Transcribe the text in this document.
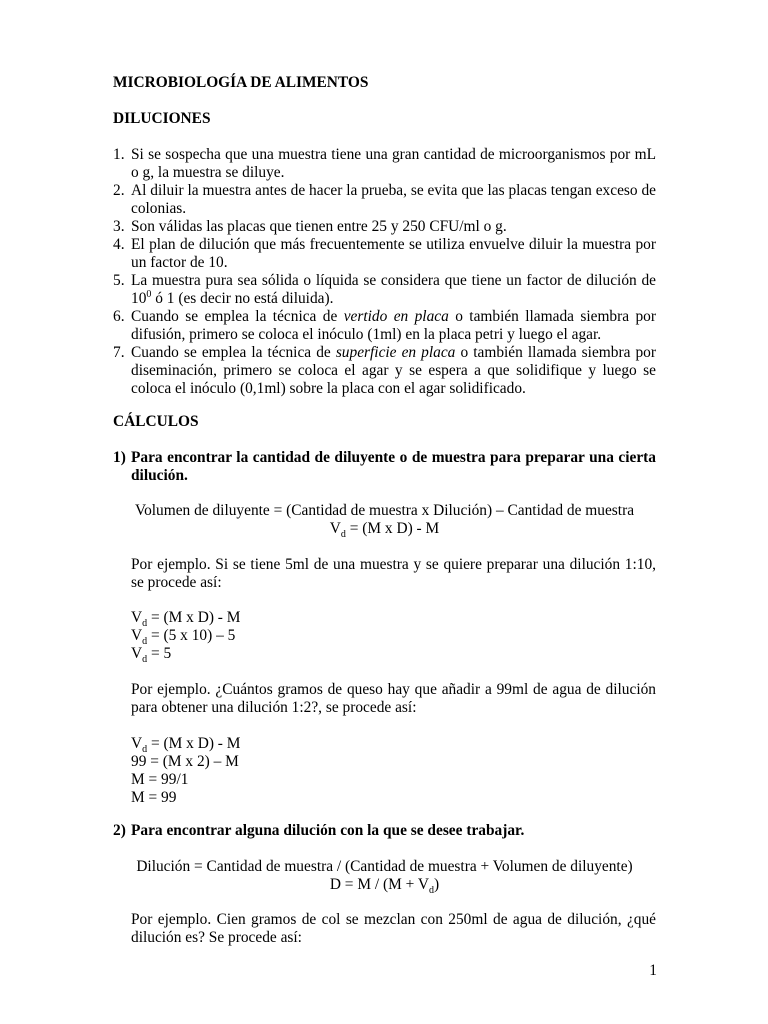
MICROBIOLOGÍA DE ALIMENTOS

DILUCIONES

1. Si se sospecha que una muestra tiene una gran cantidad de microorganismos por mL o g, la muestra se diluye.
2. Al diluir la muestra antes de hacer la prueba, se evita que las placas tengan exceso de colonias.
3. Son válidas las placas que tienen entre 25 y 250 CFU/ml o g.
4. El plan de dilución que más frecuentemente se utiliza envuelve diluir la muestra por un factor de 10.
5. La muestra pura sea sólida o líquida se considera que tiene un factor de dilución de $10^0$ ó 1 (es decir no está diluida).
6. Cuando se emplea la técnica de vertido en placa o también llamada siembra por difusión, primero se coloca el inóculo (1ml) en la placa petri y luego el agar.
7. Cuando se emplea la técnica de superficie en placa o también llamada siembra por diseminación, primero se coloca el agar y se espera a que solidifique y luego se coloca el inóculo (0,1ml) sobre la placa con el agar solidificado.

CÁLCULOS

1) Para encontrar la cantidad de diluyente o de muestra para preparar una cierta dilución.

Volumen de diluyente = (Cantidad de muestra x Dilución) – Cantidad de muestra

$V_d = (M$ x D) - M

Por ejemplo. Si se tiene 5ml de una muestra y se quiere preparar una dilución 1:10, se procede así:

$V_d = (M$ x D) - M

$V_d = (5$ x 10) – 5

$V_d = 5$

Por ejemplo. ¿Cuántos gramos de queso hay que añadir a 99ml de agua de dilución para obtener una dilución 1:2?, se procede así:

$V_d = (M$ x D) - M

99 = (M x 2) – M

M = 99/1

M = 99

2) Para encontrar alguna dilución con la que se desee trabajar.

Dilución = Cantidad de muestra / (Cantidad de muestra + Volumen de diluyente)

$D = M / (M + V_d)$

Por ejemplo. Cien gramos de col se mezclan con 250ml de agua de dilución, ¿qué dilución es? Se procede así:

1
